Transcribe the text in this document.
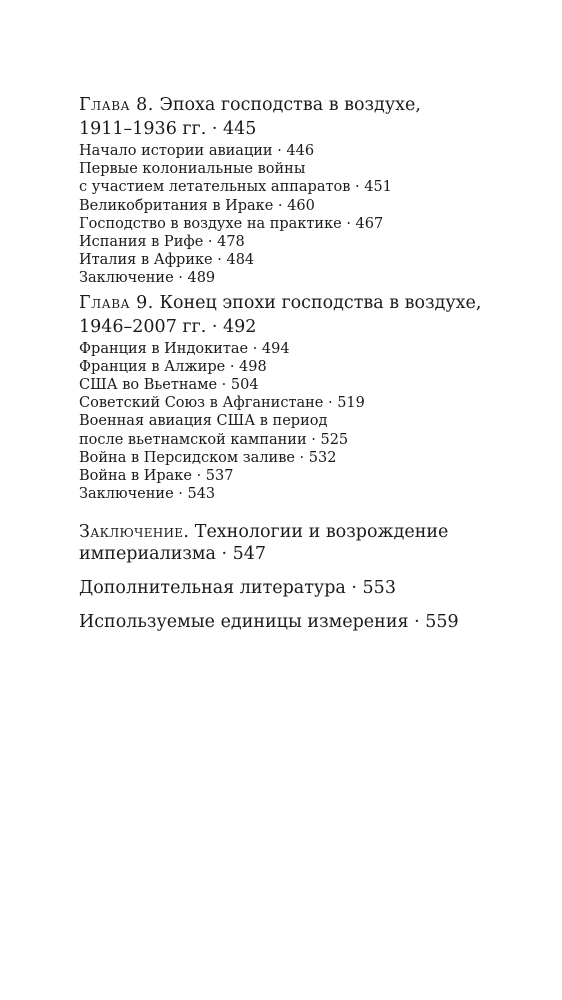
Глава 8. Эпоха господства в воздухе,

1911–1936 гг. · 445

Начало истории авиации · 446

Первые колониальные войны

с участием летательных аппаратов · 451

Великобритания в Ираке · 460

Господство в воздухе на практике · 467

Испания в Рифе · 478

Италия в Африке · 484

Заключение · 489

Глава 9. Конец эпохи господства в воздухе,

1946–2007 гг. · 492

Франция в Индокитае · 494

Франция в Алжире · 498

США во Вьетнаме · 504

Советский Союз в Афганистане · 519

Военная авиация США в период

после вьетнамской кампании · 525

Война в Персидском заливе · 532

Война в Ираке · 537

Заключение · 543

Заключение. Технологии и возрождение

империализма · 547

Дополнительная литература · 553

Используемые единицы измерения · 559
